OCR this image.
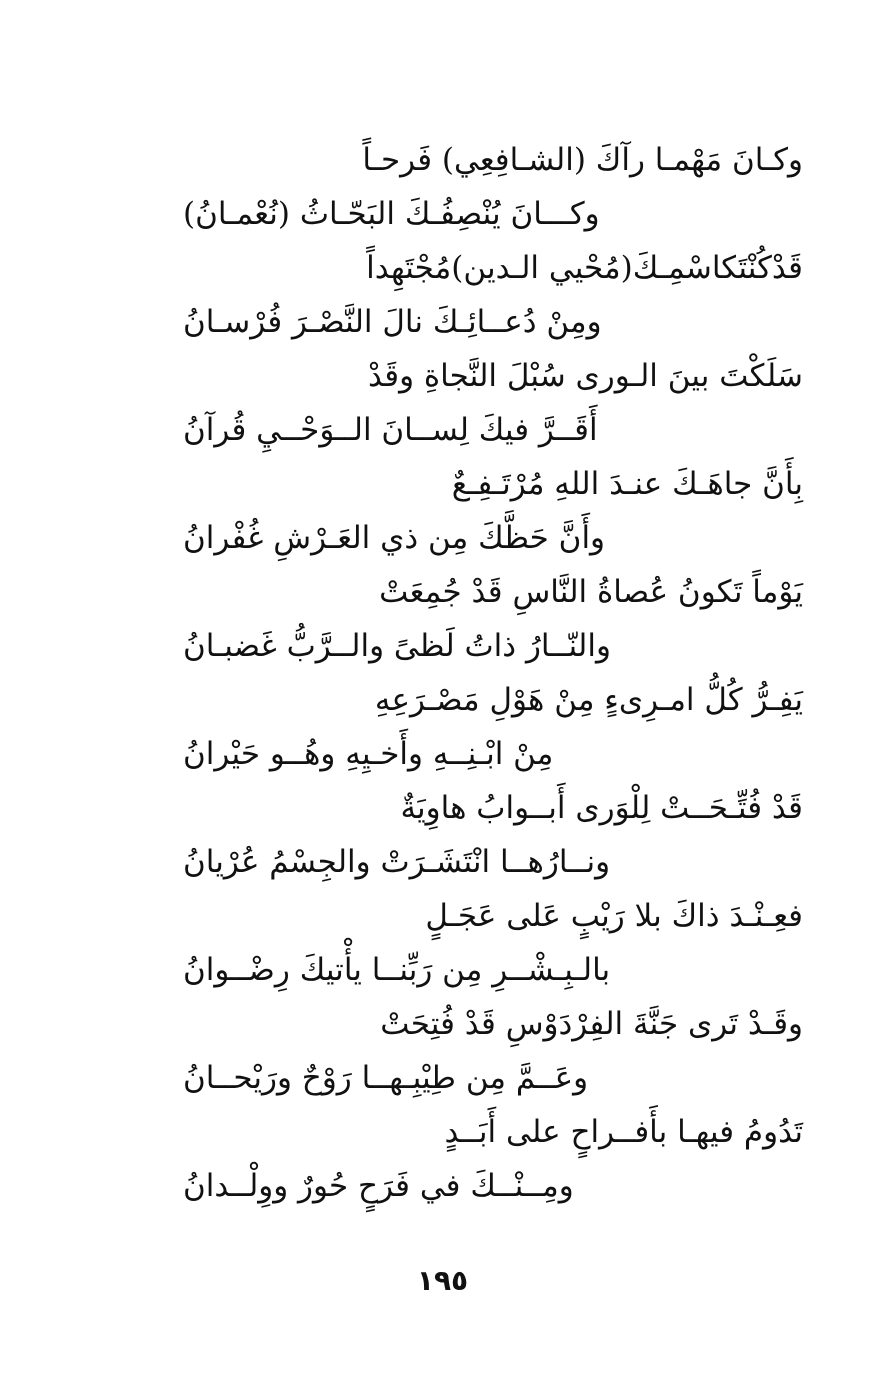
وكـانَ مَهْمـا رآكَ (الشـافِعِي) فَرحـاً
وكـــانَ يُنْصِفُـكَ البَحّـاثُ (نُعْمـانُ)
قَدْكُنْتَكاسْمِـكَ(مُحْيي الـدين)مُجْتَهِداً
ومِنْ دُعــائِـكَ نالَ النَّصْـرَ فُرْسـانُ
سَلَكْتَ بينَ الـورى سُبْلَ النَّجاةِ وقَدْ
أَقَــرَّ فيكَ لِســانَ الــوَحْــيِ قُرآنُ
بِأَنَّ جاهَـكَ عنـدَ اللهِ مُرْتَـفِـعٌ
وأَنَّ حَظَّكَ مِن ذي العَـرْشِ غُفْرانُ
يَوْماً تَكونُ عُصاةُ النَّاسِ قَدْ جُمِعَتْ
والنّــارُ ذاتُ لَظىً والــرَّبُّ غَضبـانُ
يَفِـرُّ كُلُّ امـرِىءٍ مِنْ هَوْلِ مَصْـرَعِهِ
مِنْ ابْـنِــهِ وأَخـيِهِ وهُــو حَيْرانُ
قَدْ فُتِّـحَــتْ لِلْوَرى أَبــوابُ هاوِيَةٌ
ونــارُهــا انْتَشَـرَتْ والجِسْمُ عُرْيانُ
فعِـنْـدَ ذاكَ بلا رَيْبٍ عَلى عَجَـلٍ
بالـبِـشْــرِ مِن رَبِّنــا يأْتيكَ رِضْــوانُ
وقَـدْ تَرى جَنَّةَ الفِرْدَوْسِ قَدْ فُتِحَتْ
وعَــمَّ مِن طِيْبِـهــا رَوْحٌ ورَيْحــانُ
تَدُومُ فيهـا بأَفــراحٍ على أَبَــدٍ
ومِــنْــكَ في فَرَحٍ حُورٌ ووِلْــدانُ
١٩٥
